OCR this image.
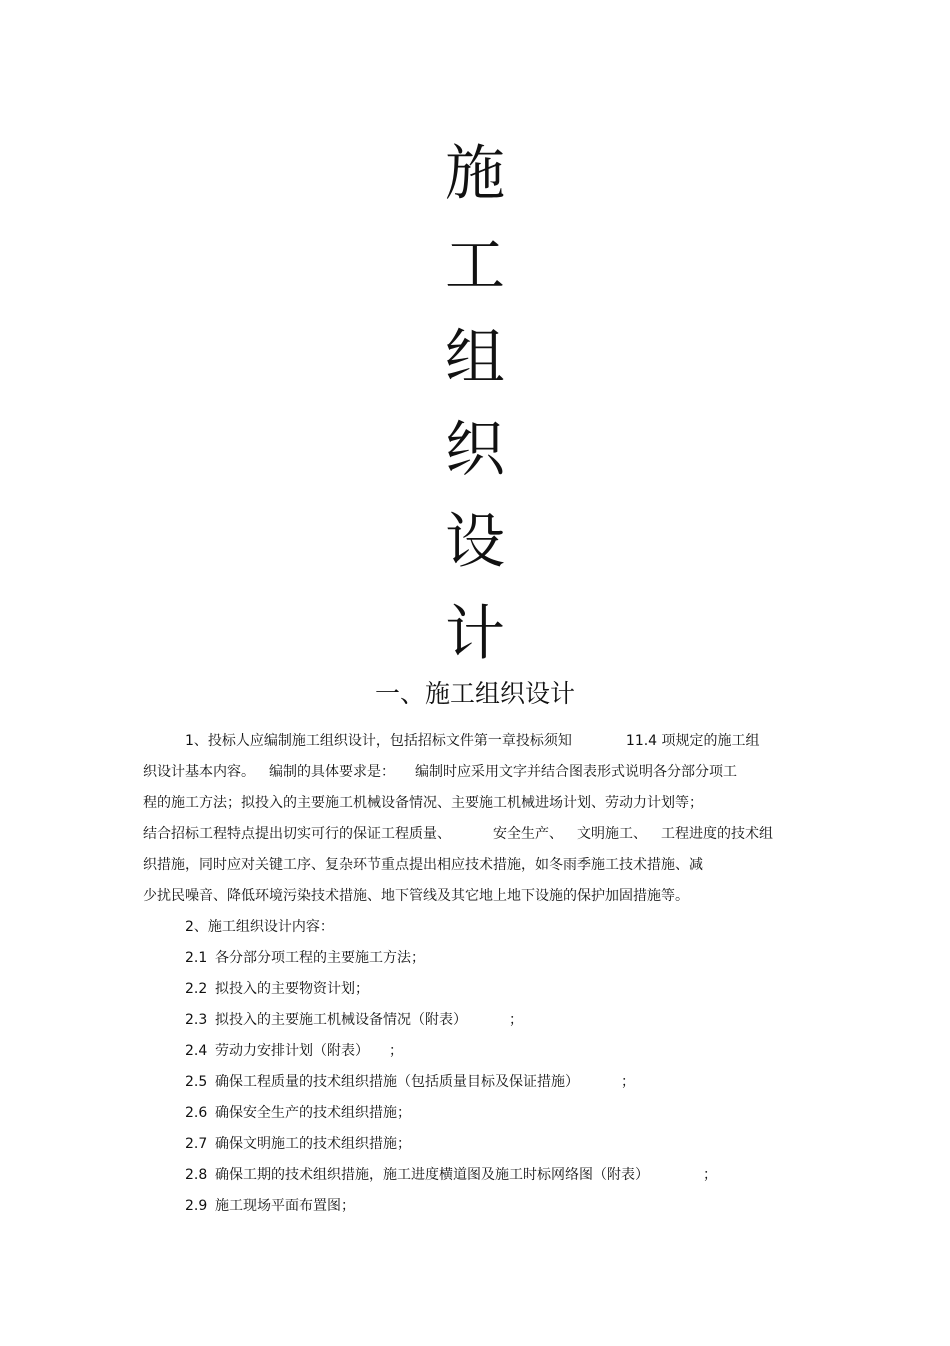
施
工
组
织
设
计
一、施工组织设计
1、投标人应编制施工组织设计，包括招标文件第一章投标须知	11.4 项规定的施工组
织设计基本内容。 编制的具体要求是： 编制时应采用文字并结合图表形式说明各分部分项工
程的施工方法；拟投入的主要施工机械设备情况、主要施工机械进场计划、劳动力计划等；
结合招标工程特点提出切实可行的保证工程质量、	安全生产、 文明施工、 工程进度的技术组
织措施，同时应对关键工序、复杂环节重点提出相应技术措施，如冬雨季施工技术措施、减
少扰民噪音、降低环境污染技术措施、地下管线及其它地上地下设施的保护加固措施等。
2、施工组织设计内容：
2.1 各分部分项工程的主要施工方法；
2.2 拟投入的主要物资计划；
2.3 拟投入的主要施工机械设备情况（附表）	；
2.4 劳动力安排计划（附表） ；
2.5 确保工程质量的技术组织措施（包括质量目标及保证措施）	；
2.6 确保安全生产的技术组织措施；
2.7 确保文明施工的技术组织措施；
2.8 确保工期的技术组织措施，施工进度横道图及施工时标网络图（附表）	；
2.9 施工现场平面布置图；
